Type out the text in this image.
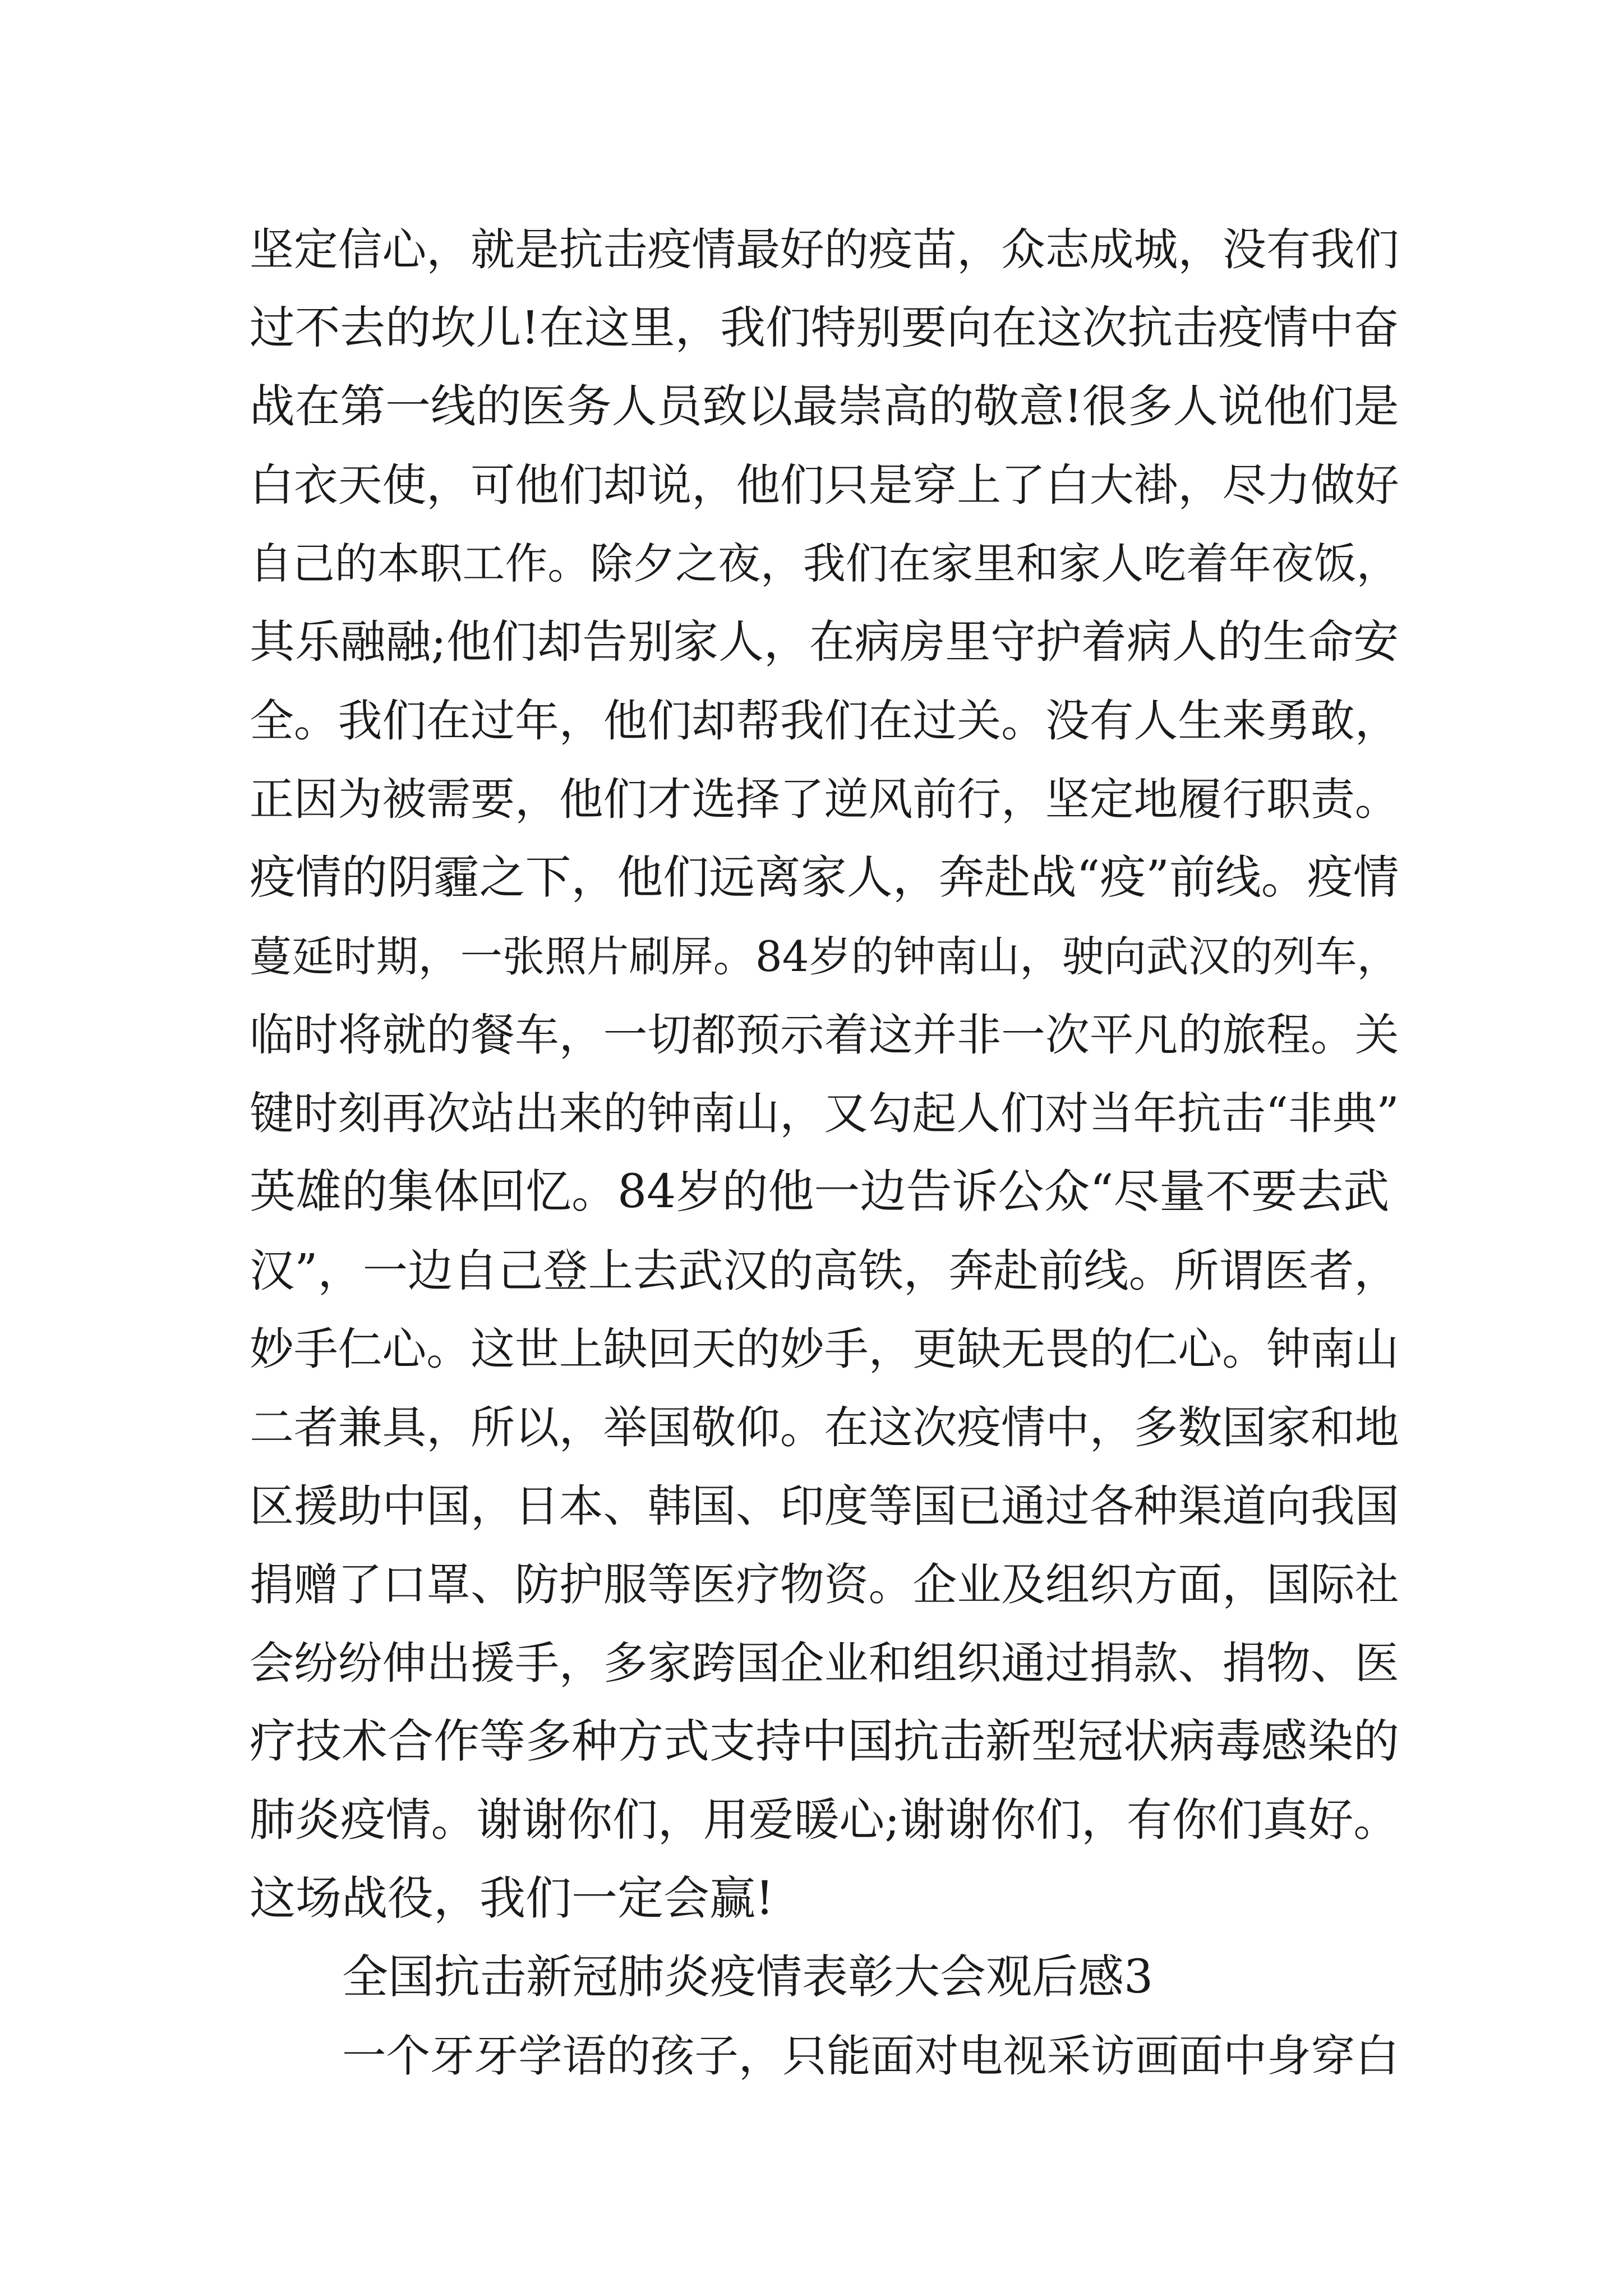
坚定信心，就是抗击疫情最好的疫苗，众志成城，没有我们
过不去的坎儿!在这里，我们特别要向在这次抗击疫情中奋
战在第一线的医务人员致以最崇高的敬意!很多人说他们是
白衣天使，可他们却说，他们只是穿上了白大褂，尽力做好
自己的本职工作。除夕之夜，我们在家里和家人吃着年夜饭，
其乐融融;他们却告别家人，在病房里守护着病人的生命安
全。我们在过年，他们却帮我们在过关。没有人生来勇敢，
正因为被需要，他们才选择了逆风前行，坚定地履行职责。
疫情的阴霾之下，他们远离家人，奔赴战“疫”前线。疫情
蔓延时期，一张照片刷屏。84岁的钟南山，驶向武汉的列车，
临时将就的餐车，一切都预示着这并非一次平凡的旅程。关
键时刻再次站出来的钟南山，又勾起人们对当年抗击“非典”
英雄的集体回忆。84岁的他一边告诉公众“尽量不要去武
汉”，一边自己登上去武汉的高铁，奔赴前线。所谓医者，
妙手仁心。这世上缺回天的妙手，更缺无畏的仁心。钟南山
二者兼具，所以，举国敬仰。在这次疫情中，多数国家和地
区援助中国，日本、韩国、印度等国已通过各种渠道向我国
捐赠了口罩、防护服等医疗物资。企业及组织方面，国际社
会纷纷伸出援手，多家跨国企业和组织通过捐款、捐物、医
疗技术合作等多种方式支持中国抗击新型冠状病毒感染的
肺炎疫情。谢谢你们，用爱暖心;谢谢你们，有你们真好。
这场战役，我们一定会赢!
全国抗击新冠肺炎疫情表彰大会观后感3
一个牙牙学语的孩子，只能面对电视采访画面中身穿白
